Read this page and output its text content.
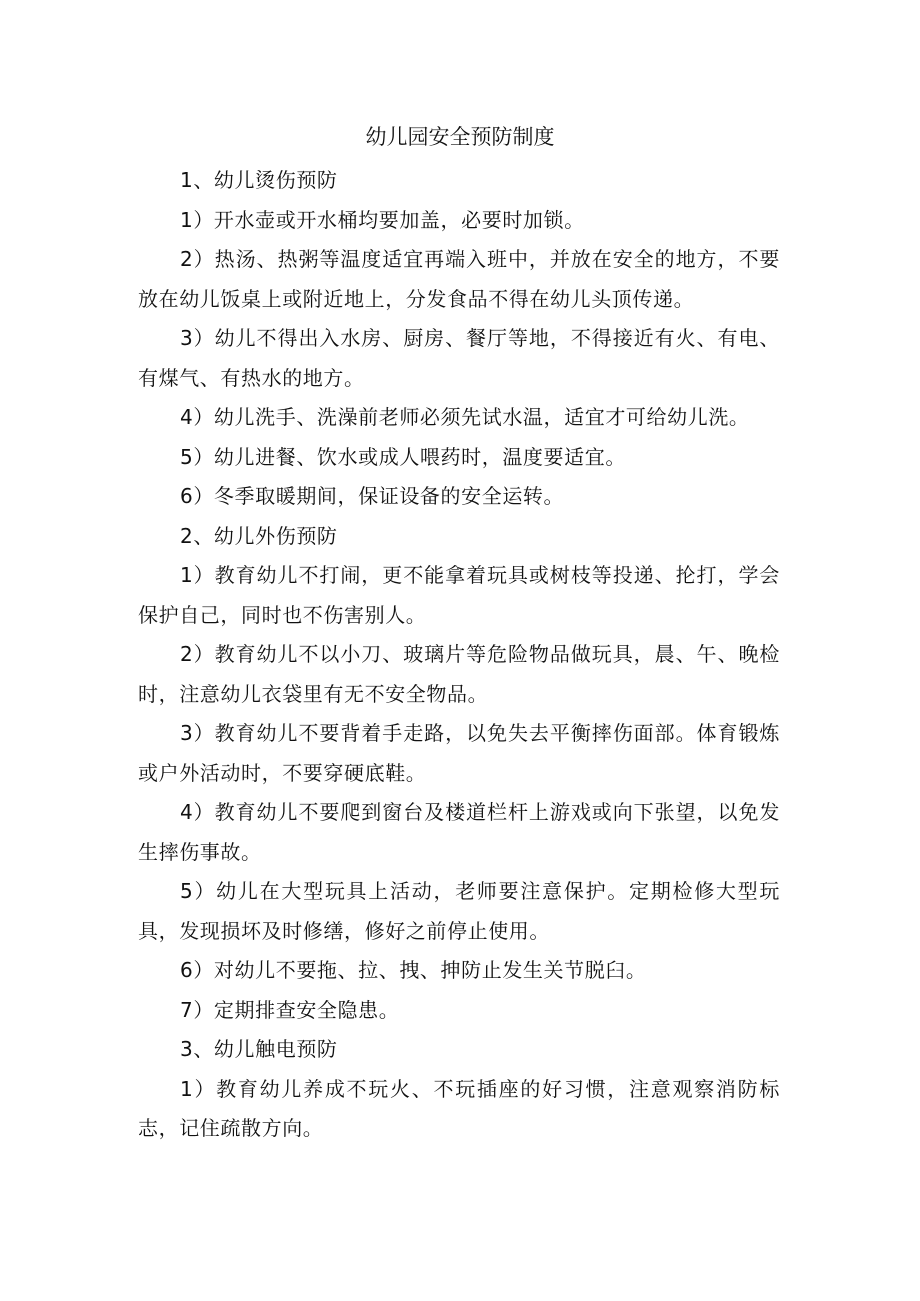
幼儿园安全预防制度

1、幼儿烫伤预防

1）开水壶或开水桶均要加盖，必要时加锁。

2）热汤、热粥等温度适宜再端入班中，并放在安全的地方，不要放在幼儿饭桌上或附近地上，分发食品不得在幼儿头顶传递。

3）幼儿不得出入水房、厨房、餐厅等地，不得接近有火、有电、有煤气、有热水的地方。

4）幼儿洗手、洗澡前老师必须先试水温，适宜才可给幼儿洗。

5）幼儿进餐、饮水或成人喂药时，温度要适宜。

6）冬季取暖期间，保证设备的安全运转。

2、幼儿外伤预防

1）教育幼儿不打闹，更不能拿着玩具或树枝等投递、抡打，学会保护自己，同时也不伤害别人。

2）教育幼儿不以小刀、玻璃片等危险物品做玩具，晨、午、晚检时，注意幼儿衣袋里有无不安全物品。

3）教育幼儿不要背着手走路，以免失去平衡摔伤面部。体育锻炼或户外活动时，不要穿硬底鞋。

4）教育幼儿不要爬到窗台及楼道栏杆上游戏或向下张望，以免发生摔伤事故。

5）幼儿在大型玩具上活动，老师要注意保护。定期检修大型玩具，发现损坏及时修缮，修好之前停止使用。

6）对幼儿不要拖、拉、拽、抻防止发生关节脱臼。

7）定期排查安全隐患。

3、幼儿触电预防

1）教育幼儿养成不玩火、不玩插座的好习惯，注意观察消防标志，记住疏散方向。
